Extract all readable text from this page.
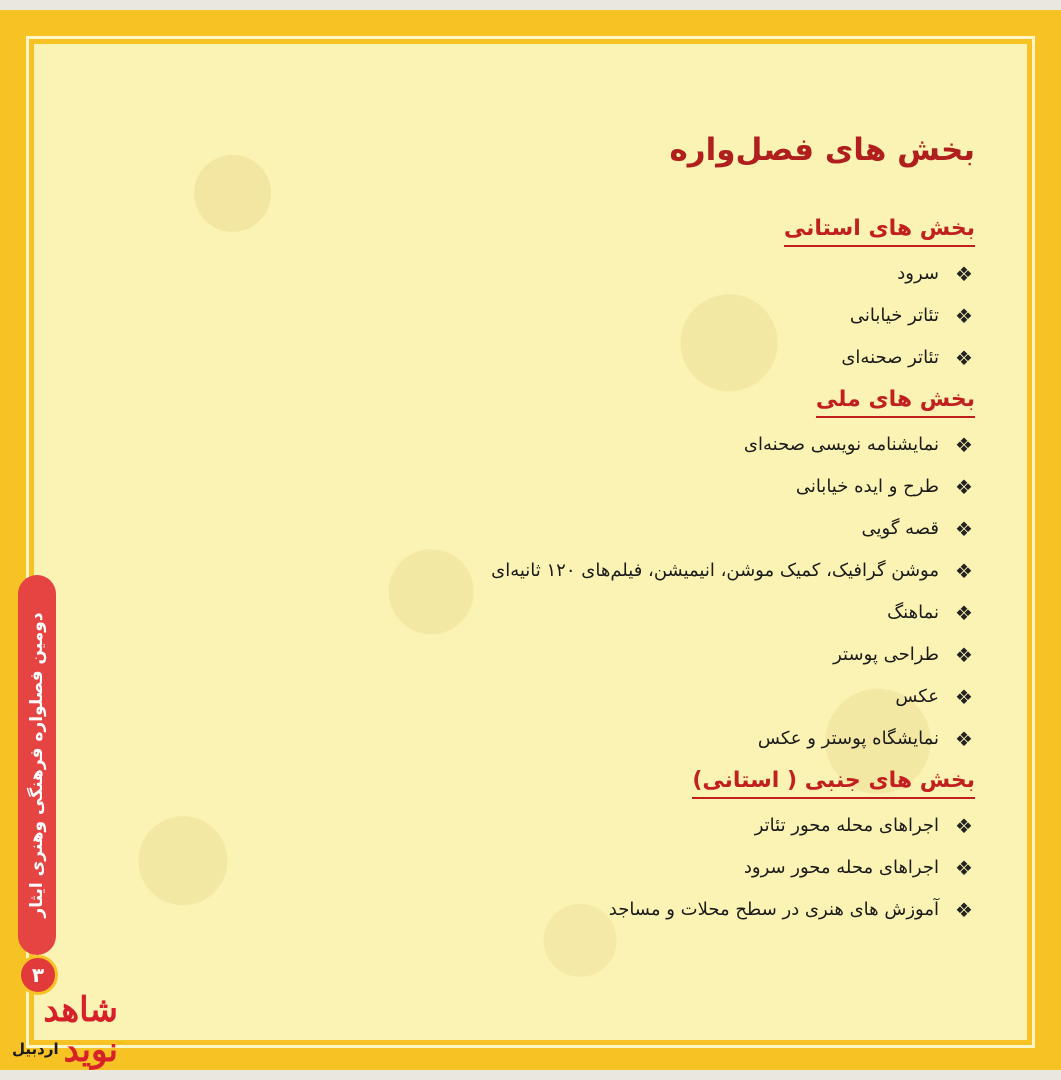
بخش های فصل‌واره
بخش های استانی
❖
سرود
❖
تئاتر خیابانی
❖
تئاتر صحنه‌ای
بخش های ملی
❖
نمایشنامه نویسی صحنه‌ای
❖
طرح و ایده خیابانی
❖
قصه گویی
❖
موشن گرافیک، کمیک موشن، انیمیشن، فیلم‌های ۱۲۰ ثانیه‌ای
❖
نماهنگ
❖
طراحی پوستر
❖
عکس
❖
نمایشگاه پوستر و عکس
بخش های جنبی ( استانی)
❖
اجراهای محله محور تئاتر
❖
اجراهای محله محور سرود
❖
آموزش های هنری در سطح محلات و مساجد
دومین فصلواره فرهنگی وهنری ایثار
۳
شاهد نوید
اردبیل
